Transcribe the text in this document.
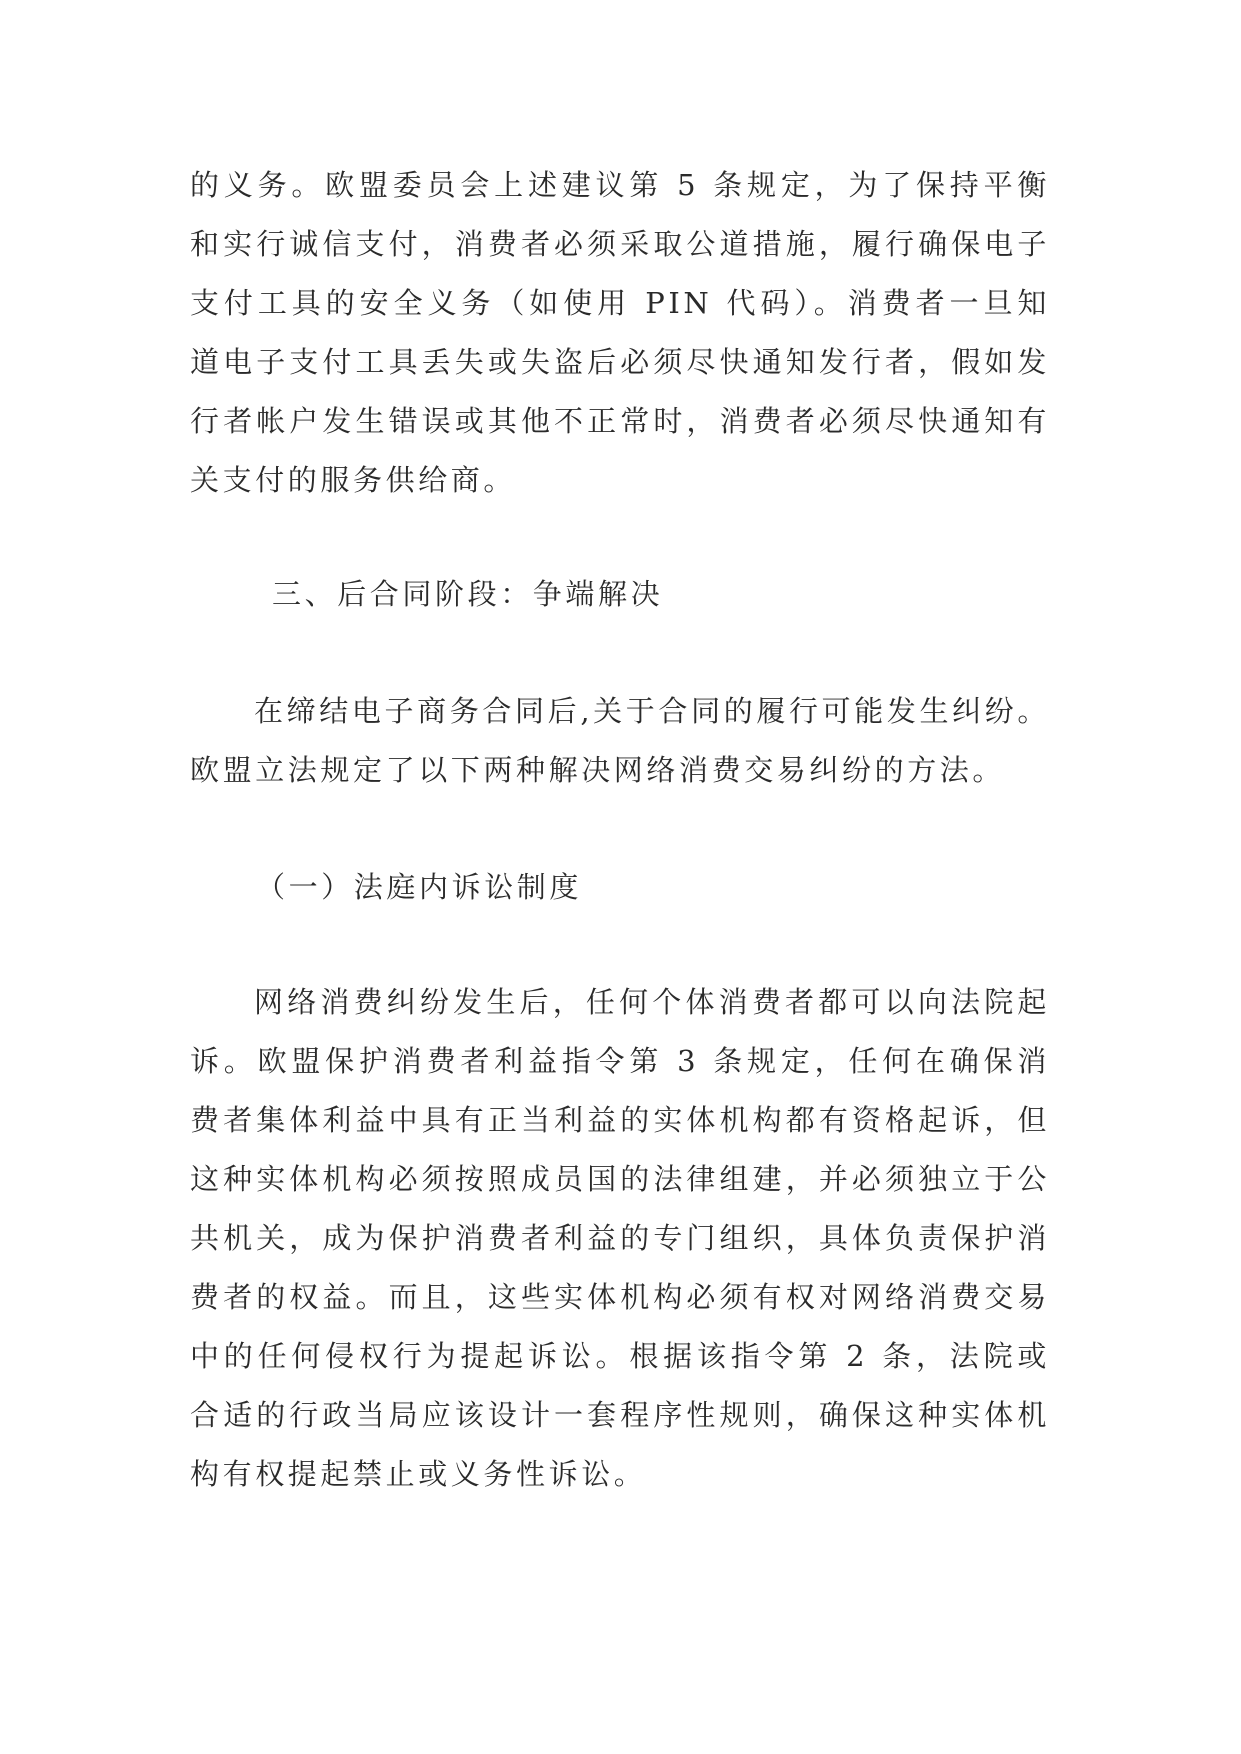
的义务。欧盟委员会上述建议第 5 条规定，为了保持平衡和实行诚信支付，消费者必须采取公道措施，履行确保电子支付工具的安全义务（如使用 PIN 代码）。消费者一旦知道电子支付工具丢失或失盗后必须尽快通知发行者，假如发行者帐户发生错误或其他不正常时，消费者必须尽快通知有关支付的服务供给商。

三、后合同阶段：争端解决

在缔结电子商务合同后,关于合同的履行可能发生纠纷。欧盟立法规定了以下两种解决网络消费交易纠纷的方法。

（一）法庭内诉讼制度

网络消费纠纷发生后，任何个体消费者都可以向法院起诉。欧盟保护消费者利益指令第 3 条规定，任何在确保消费者集体利益中具有正当利益的实体机构都有资格起诉，但这种实体机构必须按照成员国的法律组建，并必须独立于公共机关，成为保护消费者利益的专门组织，具体负责保护消费者的权益。而且，这些实体机构必须有权对网络消费交易中的任何侵权行为提起诉讼。根据该指令第 2 条，法院或合适的行政当局应该设计一套程序性规则，确保这种实体机构有权提起禁止或义务性诉讼。
